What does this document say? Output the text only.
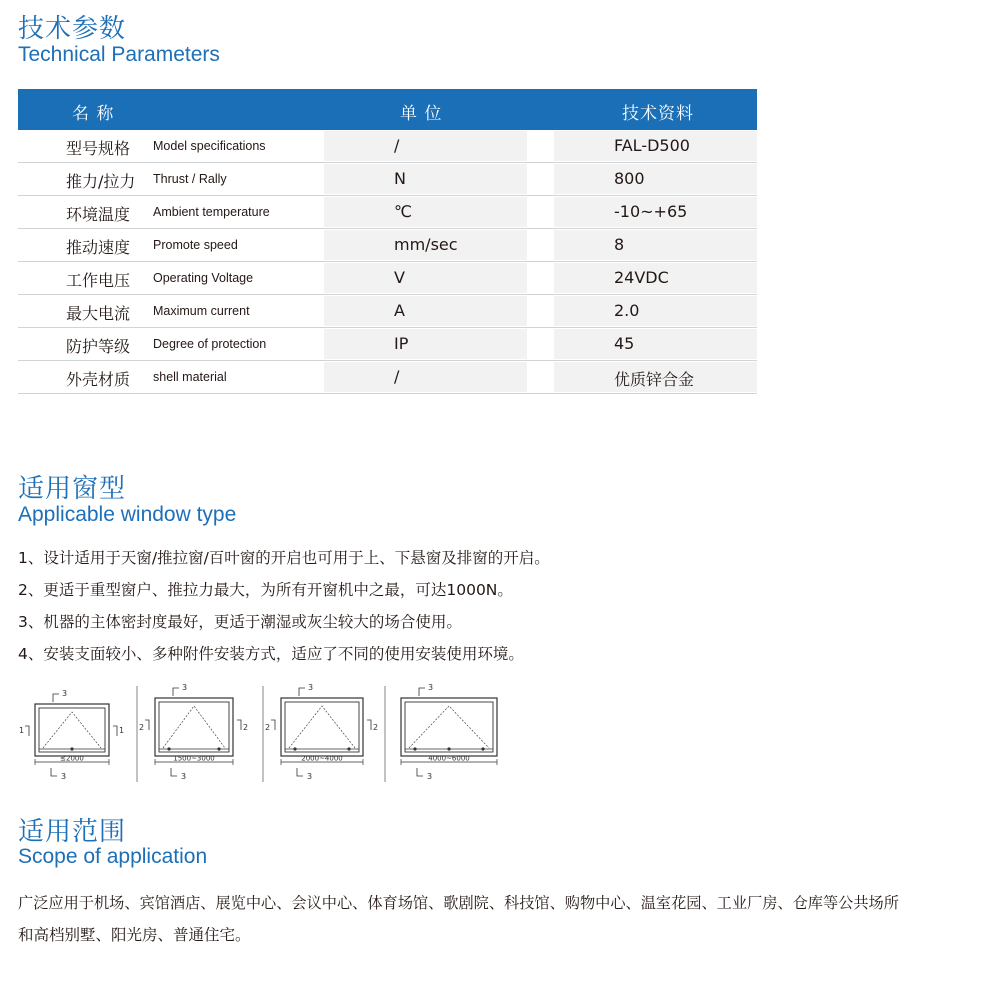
技术参数
Technical Parameters
名 称	单 位	技术资料
型号规格 Model specifications	/	FAL-D500
推力/拉力 Thrust / Rally	N	800
环境温度 Ambient temperature	℃	-10~+65
推动速度 Promote speed	mm/sec	8
工作电压 Operating Voltage	V	24VDC
最大电流 Maximum current	A	2.0
防护等级 Degree of protection	IP	45
外壳材质 shell material	/	优质锌合金
适用窗型
Applicable window type

1、设计适用于天窗/推拉窗/百叶窗的开启也可用于上、下悬窗及排窗的开启。

2、更适于重型窗户、推拉力最大，为所有开窗机中之最，可达1000N。

3、机器的主体密封度最好，更适于潮湿或灰尘较大的场合使用。

4、安装支面较小、多种附件安装方式，适应了不同的使用安装使用环境。

3
1	1
≤2000
3
3
2	2
1500~3000
3
3
2	2
2000~4000
3
3
4000~6000
3
适用范围
Scope of application
广泛应用于机场、宾馆酒店、展览中心、会议中心、体育场馆、歌剧院、科技馆、购物中心、温室花园、工业厂房、仓库等公共场所
和高档别墅、阳光房、普通住宅。
